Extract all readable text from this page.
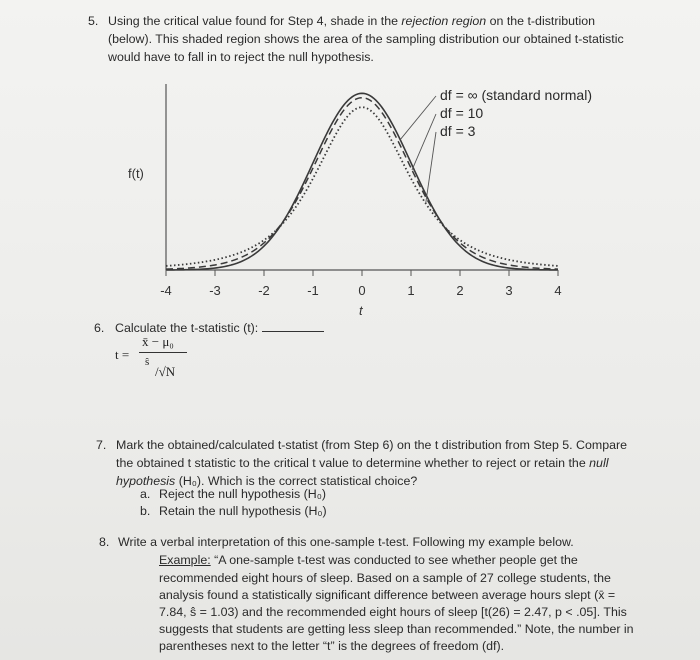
5. Using the critical value found for Step 4, shade in the rejection region on the t-distribution
(below). This shaded region shows the area of the sampling distribution our obtained t-statistic
would have to fall in to reject the null hypothesis.
f(t)
t
-4	-3	-2	-1	0	1	2	3	4
df = ∞ (standard normal)
df = 10
df = 3
6. Calculate the t-statistic (t):
t =
x̄ − μ₀
ŝ
/√N
7. Mark the obtained/calculated t-statist (from Step 6) on the t distribution from Step 5. Compare
the obtained t statistic to the critical t value to determine whether to reject or retain the null
hypothesis (H₀). Which is the correct statistical choice?
a. Reject the null hypothesis (H₀)
b. Retain the null hypothesis (H₀)
8. Write a verbal interpretation of this one-sample t-test. Following my example below.
Example: “A one-sample t-test was conducted to see whether people get the
recommended eight hours of sleep. Based on a sample of 27 college students, the
analysis found a statistically significant difference between average hours slept (x̄ =
7.84, ŝ = 1.03) and the recommended eight hours of sleep [t(26) = 2.47, p < .05]. This
suggests that students are getting less sleep than recommended.” Note, the number in
parentheses next to the letter “t” is the degrees of freedom (df).
